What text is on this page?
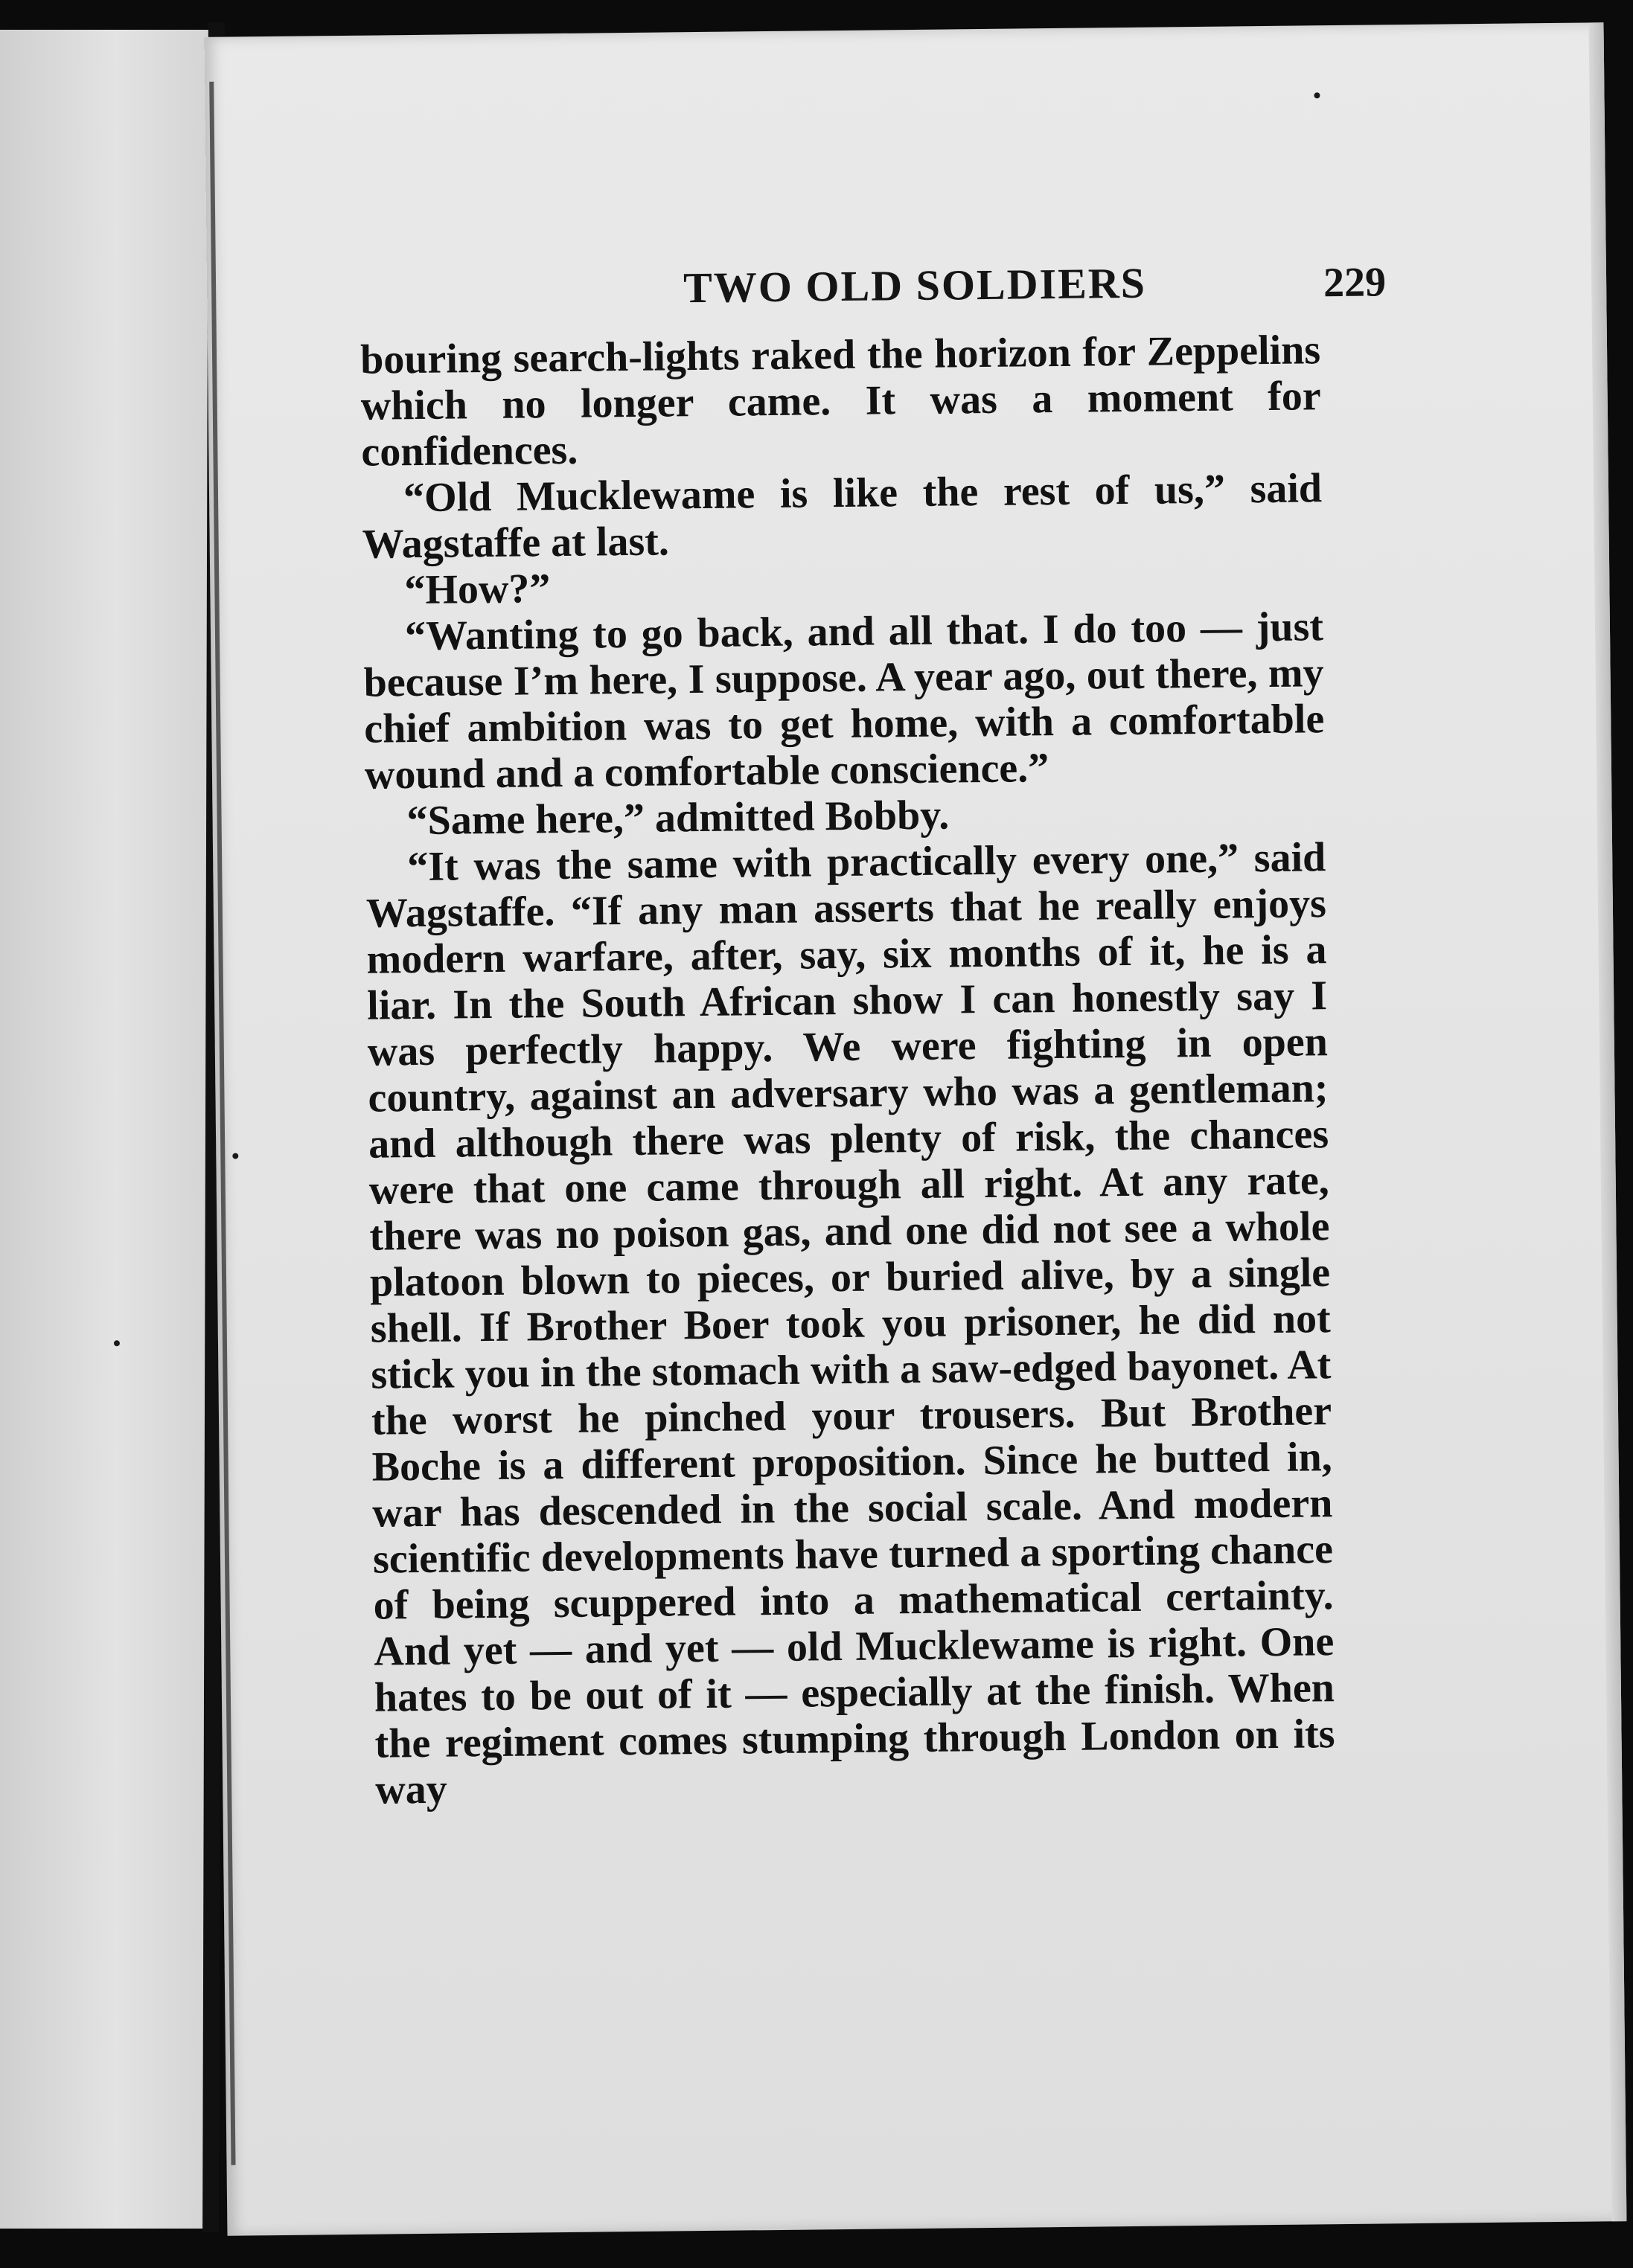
TWO OLD SOLDIERS	229

bouring search-lights raked the horizon for Zeppelins which no longer came. It was a moment for confidences.

“Old Mucklewame is like the rest of us,” said Wagstaffe at last.

“How?”

“Wanting to go back, and all that. I do too — just because I’m here, I suppose. A year ago, out there, my chief ambition was to get home, with a comfortable wound and a comfortable conscience.”

“Same here,” admitted Bobby.

“It was the same with practically every one,” said Wagstaffe. “If any man asserts that he really enjoys modern warfare, after, say, six months of it, he is a liar. In the South African show I can honestly say I was perfectly happy. We were fighting in open country, against an adversary who was a gentleman; and although there was plenty of risk, the chances were that one came through all right. At any rate, there was no poison gas, and one did not see a whole platoon blown to pieces, or buried alive, by a single shell. If Brother Boer took you prisoner, he did not stick you in the stomach with a saw-edged bayonet. At the worst he pinched your trousers. But Brother Boche is a different proposition. Since he butted in, war has descended in the social scale. And modern scientific developments have turned a sporting chance of being scuppered into a mathematical certainty. And yet — and yet — old Mucklewame is right. One hates to be out of it — especially at the finish. When the regiment comes stumping through London on its way
